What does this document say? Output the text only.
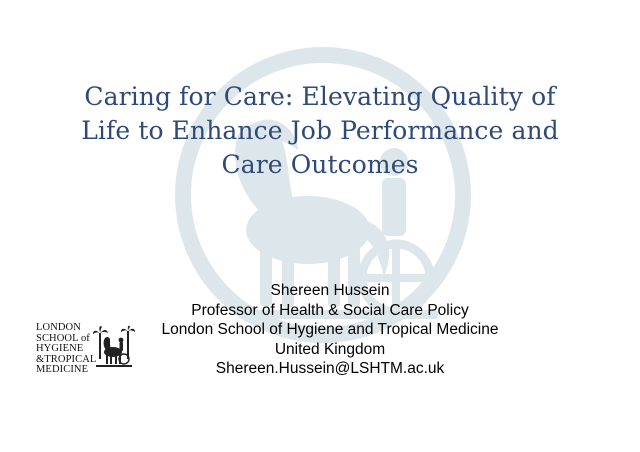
Caring for Care: Elevating Quality of
Life to Enhance Job Performance and
Care Outcomes
Shereen Hussein
Professor of Health & Social Care Policy
London School of Hygiene and Tropical Medicine
United Kingdom
Shereen.Hussein@LSHTM.ac.uk
LONDON
SCHOOL of
HYGIENE
&TROPICAL
MEDICINE
